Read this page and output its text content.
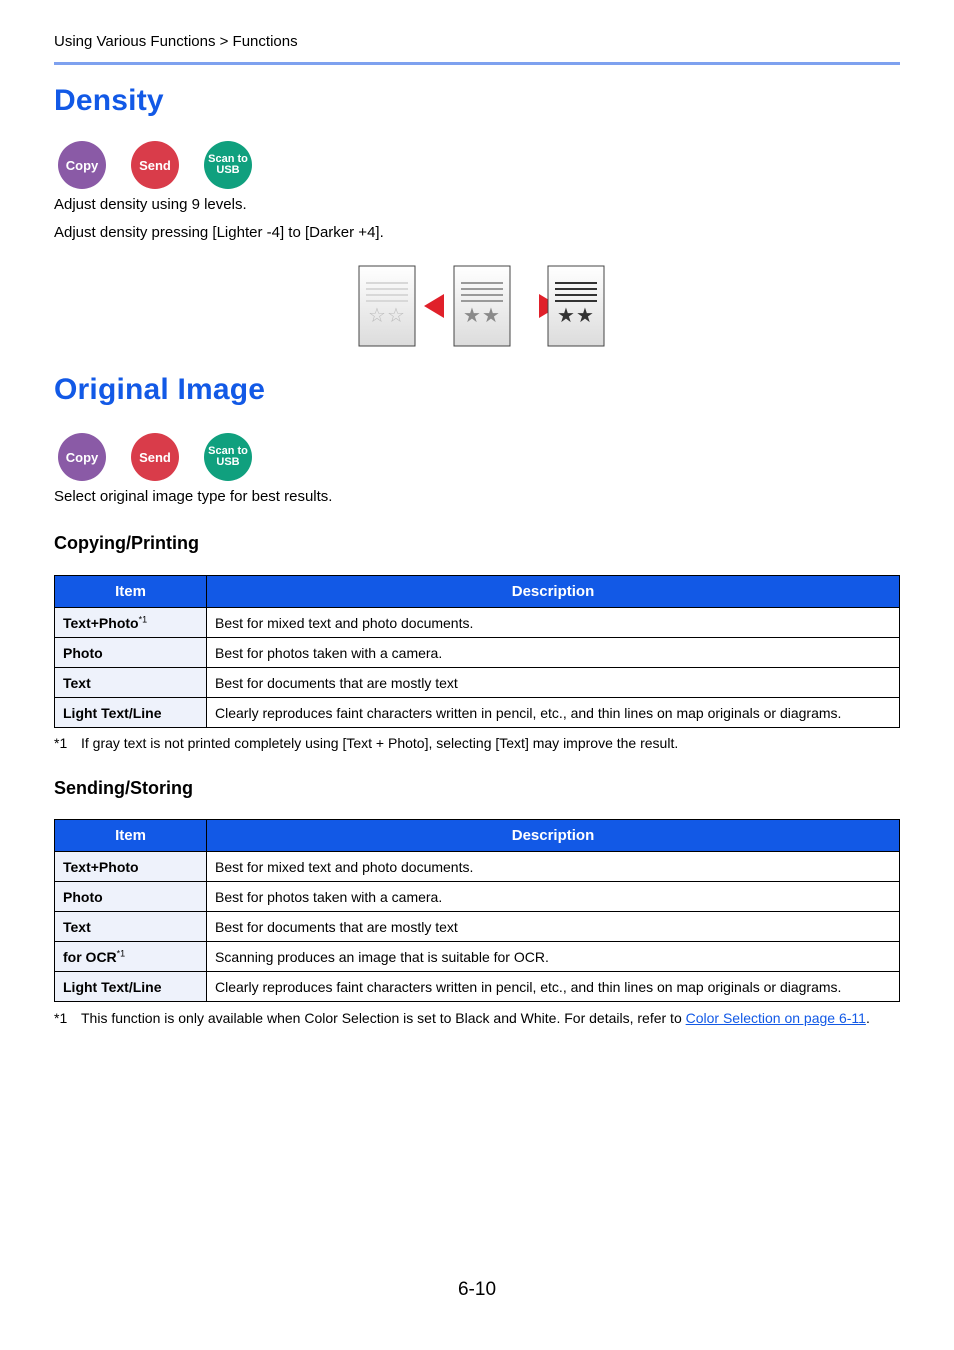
Using Various Functions > Functions
Density
Copy	Send	Scan to
USB
Adjust density using 9 levels.
Adjust density pressing [Lighter -4] to [Darker +4].
☆ ☆	★ ★	★ ★
Original Image
Copy	Send	Scan to
USB
Select original image type for best results.
Copying/Printing
Item	Description
Text+Photo$^{*1}$	Best for mixed text and photo documents.
Photo	Best for photos taken with a camera.
Text	Best for documents that are mostly text
Light Text/Line	Clearly reproduces faint characters written in pencil, etc., and thin lines on map originals or diagrams.
*1 If gray text is not printed completely using [Text + Photo], selecting [Text] may improve the result.
Sending/Storing
Item	Description
Text+Photo	Best for mixed text and photo documents.
Photo	Best for photos taken with a camera.
Text	Best for documents that are mostly text
for OCR$^{*1}$	Scanning produces an image that is suitable for OCR.
Light Text/Line	Clearly reproduces faint characters written in pencil, etc., and thin lines on map originals or diagrams.
*1 This function is only available when Color Selection is set to Black and White. For details, refer to Color Selection on page 6-11.
6-10
